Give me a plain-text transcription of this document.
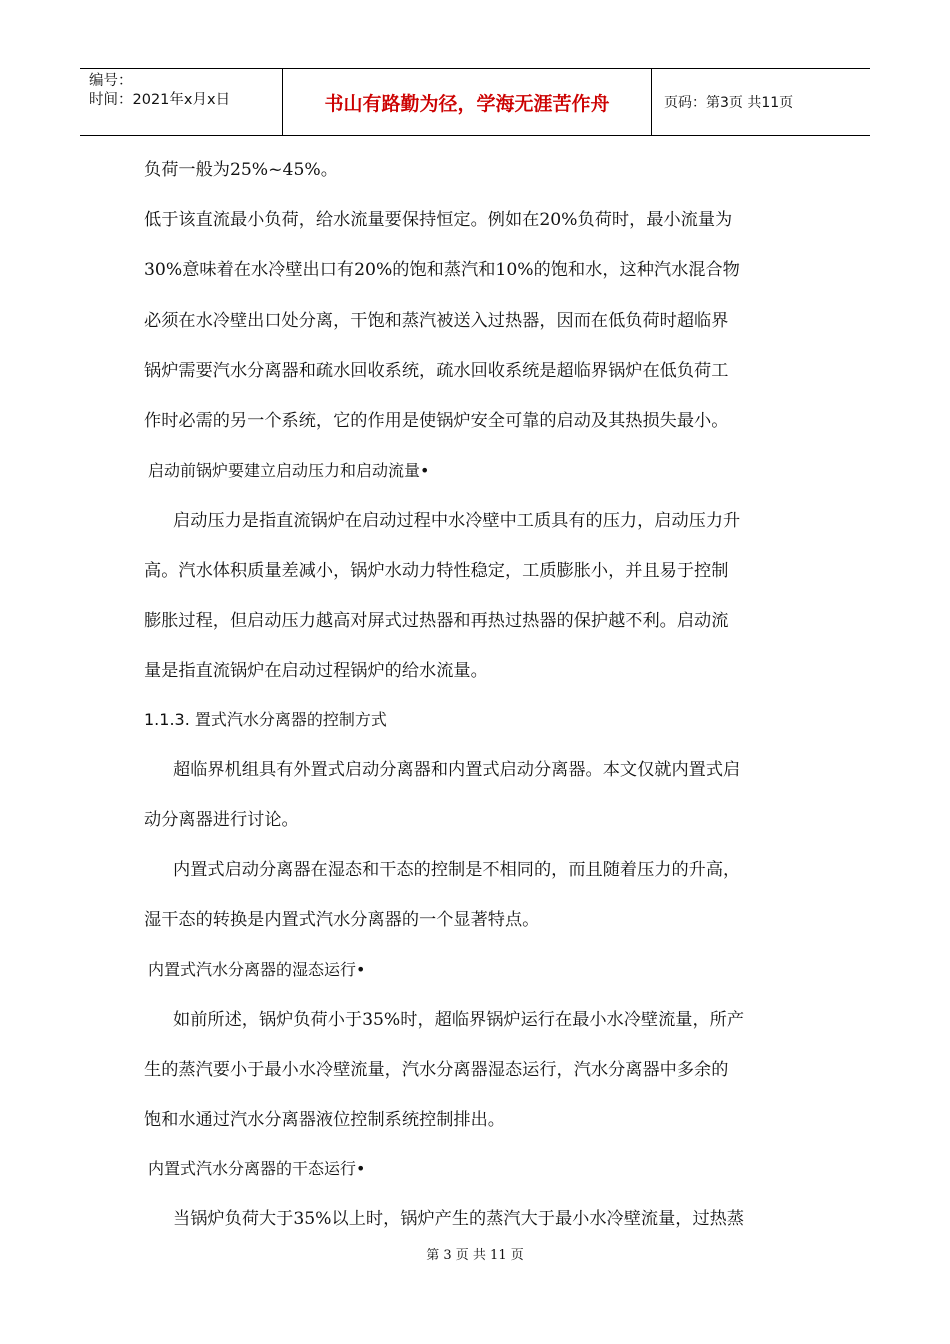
编号：
时间：2021年x月x日	书山有路勤为径，学海无涯苦作舟	页码：第3页 共11页
负荷一般为25%~45%。
低于该直流最小负荷，给水流量要保持恒定。例如在20%负荷时，最小流量为
30%意味着在水冷壁出口有20%的饱和蒸汽和10%的饱和水，这种汽水混合物
必须在水冷壁出口处分离，干饱和蒸汽被送入过热器，因而在低负荷时超临界
锅炉需要汽水分离器和疏水回收系统，疏水回收系统是超临界锅炉在低负荷工
作时必需的另一个系统，它的作用是使锅炉安全可靠的启动及其热损失最小。
启动前锅炉要建立启动压力和启动流量•
启动压力是指直流锅炉在启动过程中水冷壁中工质具有的压力，启动压力升
高。汽水体积质量差减小，锅炉水动力特性稳定，工质膨胀小，并且易于控制
膨胀过程，但启动压力越高对屏式过热器和再热过热器的保护越不利。启动流
量是指直流锅炉在启动过程锅炉的给水流量。
1.1.3. 置式汽水分离器的控制方式
超临界机组具有外置式启动分离器和内置式启动分离器。本文仅就内置式启
动分离器进行讨论。
内置式启动分离器在湿态和干态的控制是不相同的，而且随着压力的升高，
湿干态的转换是内置式汽水分离器的一个显著特点。
内置式汽水分离器的湿态运行•
如前所述，锅炉负荷小于35%时，超临界锅炉运行在最小水冷壁流量，所产
生的蒸汽要小于最小水冷壁流量，汽水分离器湿态运行，汽水分离器中多余的
饱和水通过汽水分离器液位控制系统控制排出。
内置式汽水分离器的干态运行•
当锅炉负荷大于35%以上时，锅炉产生的蒸汽大于最小水冷壁流量，过热蒸
第 3 页 共 11 页
